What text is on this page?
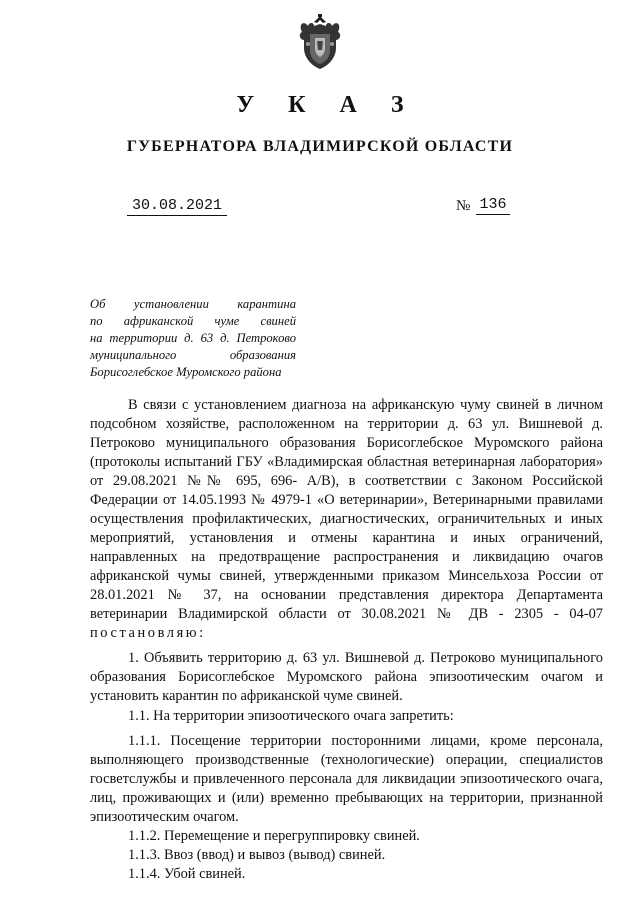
У К А З
ГУБЕРНАТОРА ВЛАДИМИРСКОЙ ОБЛАСТИ
30.08.2021	№ 136
Об установлении карантина
по африканской чуме свиней
на территории д. 63 д. Петроково
муниципального образования
Борисоглебское Муромского района

В связи с установлением диагноза на африканскую чуму свиней в личном подсобном хозяйстве, расположенном на территории д. 63 ул. Вишневой д. Петроково муниципального образования Борисоглебское Муромского района (протоколы испытаний ГБУ «Владимирская областная ветеринарная лаборатория» от 29.08.2021 №№ 695, 696- А/В), в соответствии с Законом Российской Федерации от 14.05.1993 № 4979-1 «О ветеринарии», Ветеринарными правилами осуществления профилактических, диагностических, ограничительных и иных мероприятий, установления и отмены карантина и иных ограничений, направленных на предотвращение распространения и ликвидацию очагов африканской чумы свиней, утвержденными приказом Минсельхоза России от 28.01.2021 № 37, на основании представления директора Департамента ветеринарии Владимирской области от 30.08.2021 № ДВ - 2305 - 04-07 постановляю:

1. Объявить территорию д. 63 ул. Вишневой д. Петроково муниципального образования Борисоглебское Муромского района эпизоотическим очагом и установить карантин по африканской чуме свиней.

1.1. На территории эпизоотического очага запретить:

1.1.1. Посещение территории посторонними лицами, кроме персонала, выполняющего производственные (технологические) операции, специалистов госветслужбы и привлеченного персонала для ликвидации эпизоотического очага, лиц, проживающих и (или) временно пребывающих на территории, признанной эпизоотическим очагом.

1.1.2. Перемещение и перегруппировку свиней.

1.1.3. Ввоз (ввод) и вывоз (вывод) свиней.

1.1.4. Убой свиней.
